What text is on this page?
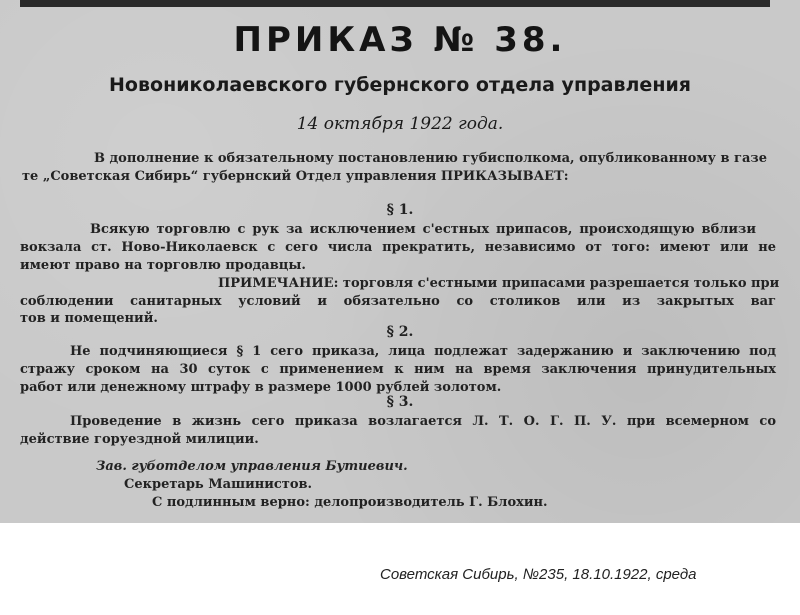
ПРИКАЗ № 38.
Новониколаевского губернского отдела управления
14 октября 1922 года.
В дополнение к обязательному постановлению губисполкома, опубликованному в газе
те „Советская Сибирь“ губернский Отдел управления ПРИКАЗЫВАЕТ:
§ 1.
Всякую торговлю с рук за исключением с'естных припасов, происходящую вблизи
вокзала ст. Ново-Николаевск с сего числа прекратить, независимо от того: имеют или не
имеют право на торговлю продавцы.
ПРИМЕЧАНИЕ: торговля с'естными припасами разрешается только при
соблюдении санитарных условий и обязательно со столиков или из закрытых ваг
тов и помещений.
§ 2.
Не подчиняющиеся § 1 сего приказа, лица подлежат задержанию и заключению под
стражу сроком на 30 суток с применением к ним на время заключения принудительных
работ или денежному штрафу в размере 1000 рублей золотом.
§ 3.
Проведение в жизнь сего приказа возлагается Л. Т. О. Г. П. У. при всемерном со
действие горуездной милиции.
Зав. губотделом управления Бутиевич.
Секретарь Машинистов.
С подлинным верно: делопроизводитель Г. Блохин.
Советская Сибирь, №235, 18.10.1922, среда
